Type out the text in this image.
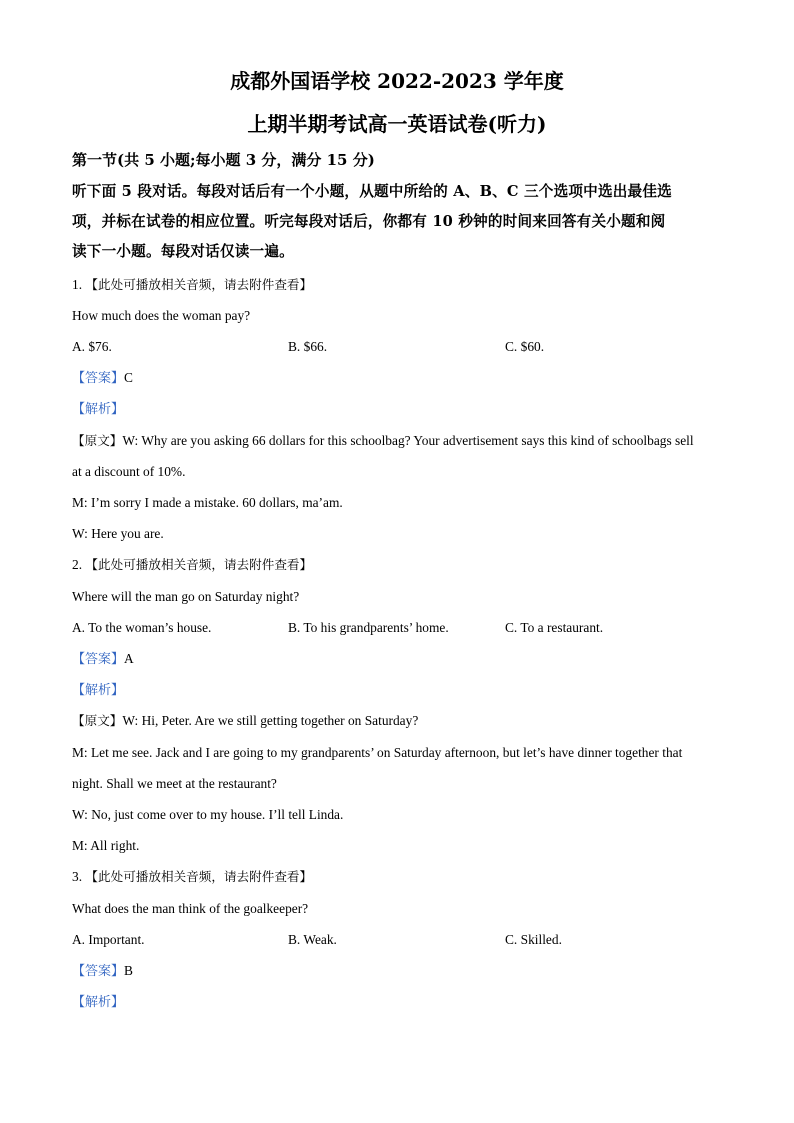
成都外国语学校 2022-2023 学年度
上期半期考试高一英语试卷(听力)
第一节(共 5 小题;每小题 3 分，满分 15 分)
听下面 5 段对话。每段对话后有一个小题，从题中所给的 A、B、C 三个选项中选出最佳选
项，并标在试卷的相应位置。听完每段对话后，你都有 10 秒钟的时间来回答有关小题和阅
读下一小题。每段对话仅读一遍。
1. 【此处可播放相关音频，请去附件查看】
How much does the woman pay?
A. $76.	B. $66.	C. $60.
【答案】C
【解析】
【原文】W: Why are you asking 66 dollars for this schoolbag? Your advertisement says this kind of schoolbags sell
at a discount of 10%.
M: I’m sorry I made a mistake. 60 dollars, ma’am.
W: Here you are.
2. 【此处可播放相关音频，请去附件查看】
Where will the man go on Saturday night?
A. To the woman’s house.	B. To his grandparents’ home.	C. To a restaurant.
【答案】A
【解析】
【原文】W: Hi, Peter. Are we still getting together on Saturday?
M: Let me see. Jack and I are going to my grandparents’ on Saturday afternoon, but let’s have dinner together that
night. Shall we meet at the restaurant?
W: No, just come over to my house. I’ll tell Linda.
M: All right.
3. 【此处可播放相关音频，请去附件查看】
What does the man think of the goalkeeper?
A. Important.	B. Weak.	C. Skilled.
【答案】B
【解析】
